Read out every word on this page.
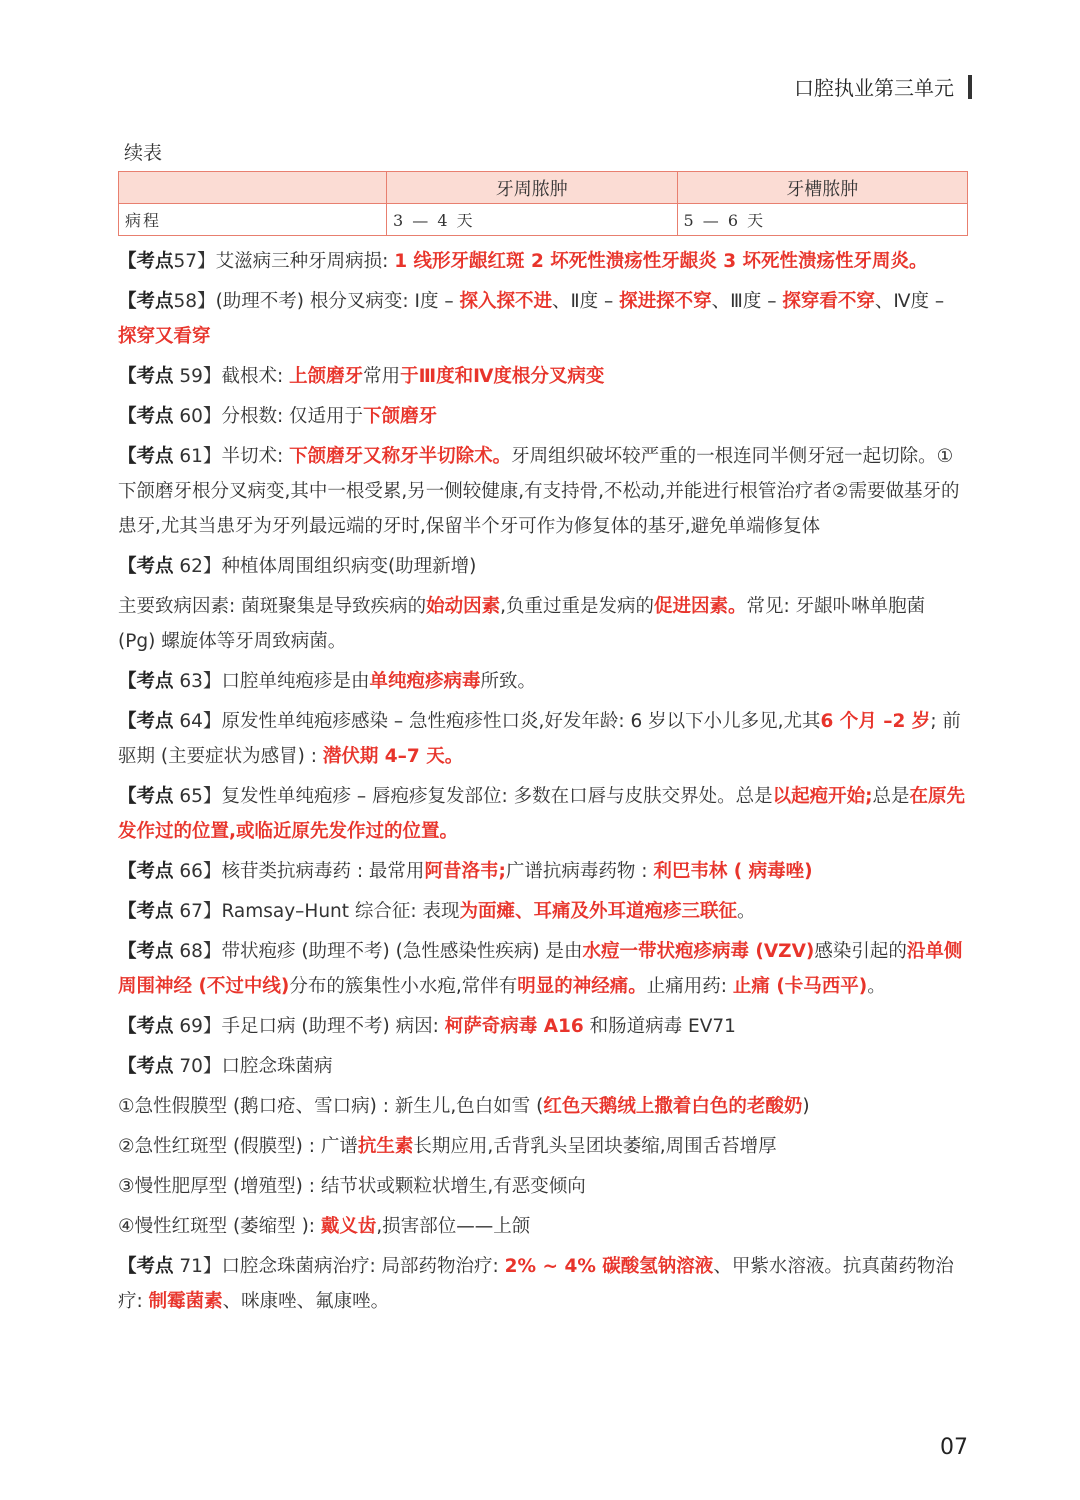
口腔执业第三单元
续表
	牙周脓肿	牙槽脓肿
病程	3 — 4 天	5 — 6 天

【考点57】艾滋病三种牙周病损: 1 线形牙龈红斑 2 坏死性溃疡性牙龈炎 3 坏死性溃疡性牙周炎。

【考点58】(助理不考) 根分叉病变: Ⅰ度 – 探入探不进、Ⅱ度 – 探进探不穿、Ⅲ度 – 探穿看不穿、Ⅳ度 – 探穿又看穿

【考点 59】截根术: 上颌磨牙常用于Ⅲ度和Ⅳ度根分叉病变

【考点 60】分根数: 仅适用于下颌磨牙

【考点 61】半切术: 下颌磨牙又称牙半切除术。牙周组织破坏较严重的一根连同半侧牙冠一起切除。①下颌磨牙根分叉病变,其中一根受累,另一侧较健康,有支持骨,不松动,并能进行根管治疗者②需要做基牙的患牙,尤其当患牙为牙列最远端的牙时,保留半个牙可作为修复体的基牙,避免单端修复体

【考点 62】种植体周围组织病变(助理新增)

主要致病因素: 菌斑聚集是导致疾病的始动因素,负重过重是发病的促进因素。常见: 牙龈卟啉单胞菌 (Pg) 螺旋体等牙周致病菌。

【考点 63】口腔单纯疱疹是由单纯疱疹病毒所致。

【考点 64】原发性单纯疱疹感染 – 急性疱疹性口炎,好发年龄: 6 岁以下小儿多见,尤其6 个月 –2 岁; 前驱期 (主要症状为感冒) : 潜伏期 4–7 天。

【考点 65】复发性单纯疱疹 – 唇疱疹复发部位: 多数在口唇与皮肤交界处。总是以起疱开始;总是在原先发作过的位置,或临近原先发作过的位置。

【考点 66】核苷类抗病毒药 : 最常用阿昔洛韦;广谱抗病毒药物 : 利巴韦林 ( 病毒唑)

【考点 67】Ramsay–Hunt 综合征: 表现为面瘫、耳痛及外耳道疱疹三联征。

【考点 68】带状疱疹 (助理不考) (急性感染性疾病) 是由水痘一带状疱疹病毒 (VZV)感染引起的沿单侧周围神经 (不过中线)分布的簇集性小水疱,常伴有明显的神经痛。止痛用药: 止痛 (卡马西平)。

【考点 69】手足口病 (助理不考) 病因: 柯萨奇病毒 A16 和肠道病毒 EV71

【考点 70】口腔念珠菌病

①急性假膜型 (鹅口疮、雪口病) : 新生儿,色白如雪 (红色天鹅绒上撒着白色的老酸奶)

②急性红斑型 (假膜型) : 广谱抗生素长期应用,舌背乳头呈团块萎缩,周围舌苔增厚

③慢性肥厚型 (增殖型) : 结节状或颗粒状增生,有恶变倾向

④慢性红斑型 (萎缩型 ): 戴义齿,损害部位——上颌

【考点 71】口腔念珠菌病治疗: 局部药物治疗: 2% ~ 4% 碳酸氢钠溶液、甲紫水溶液。抗真菌药物治疗: 制霉菌素、咪康唑、氟康唑。

07
